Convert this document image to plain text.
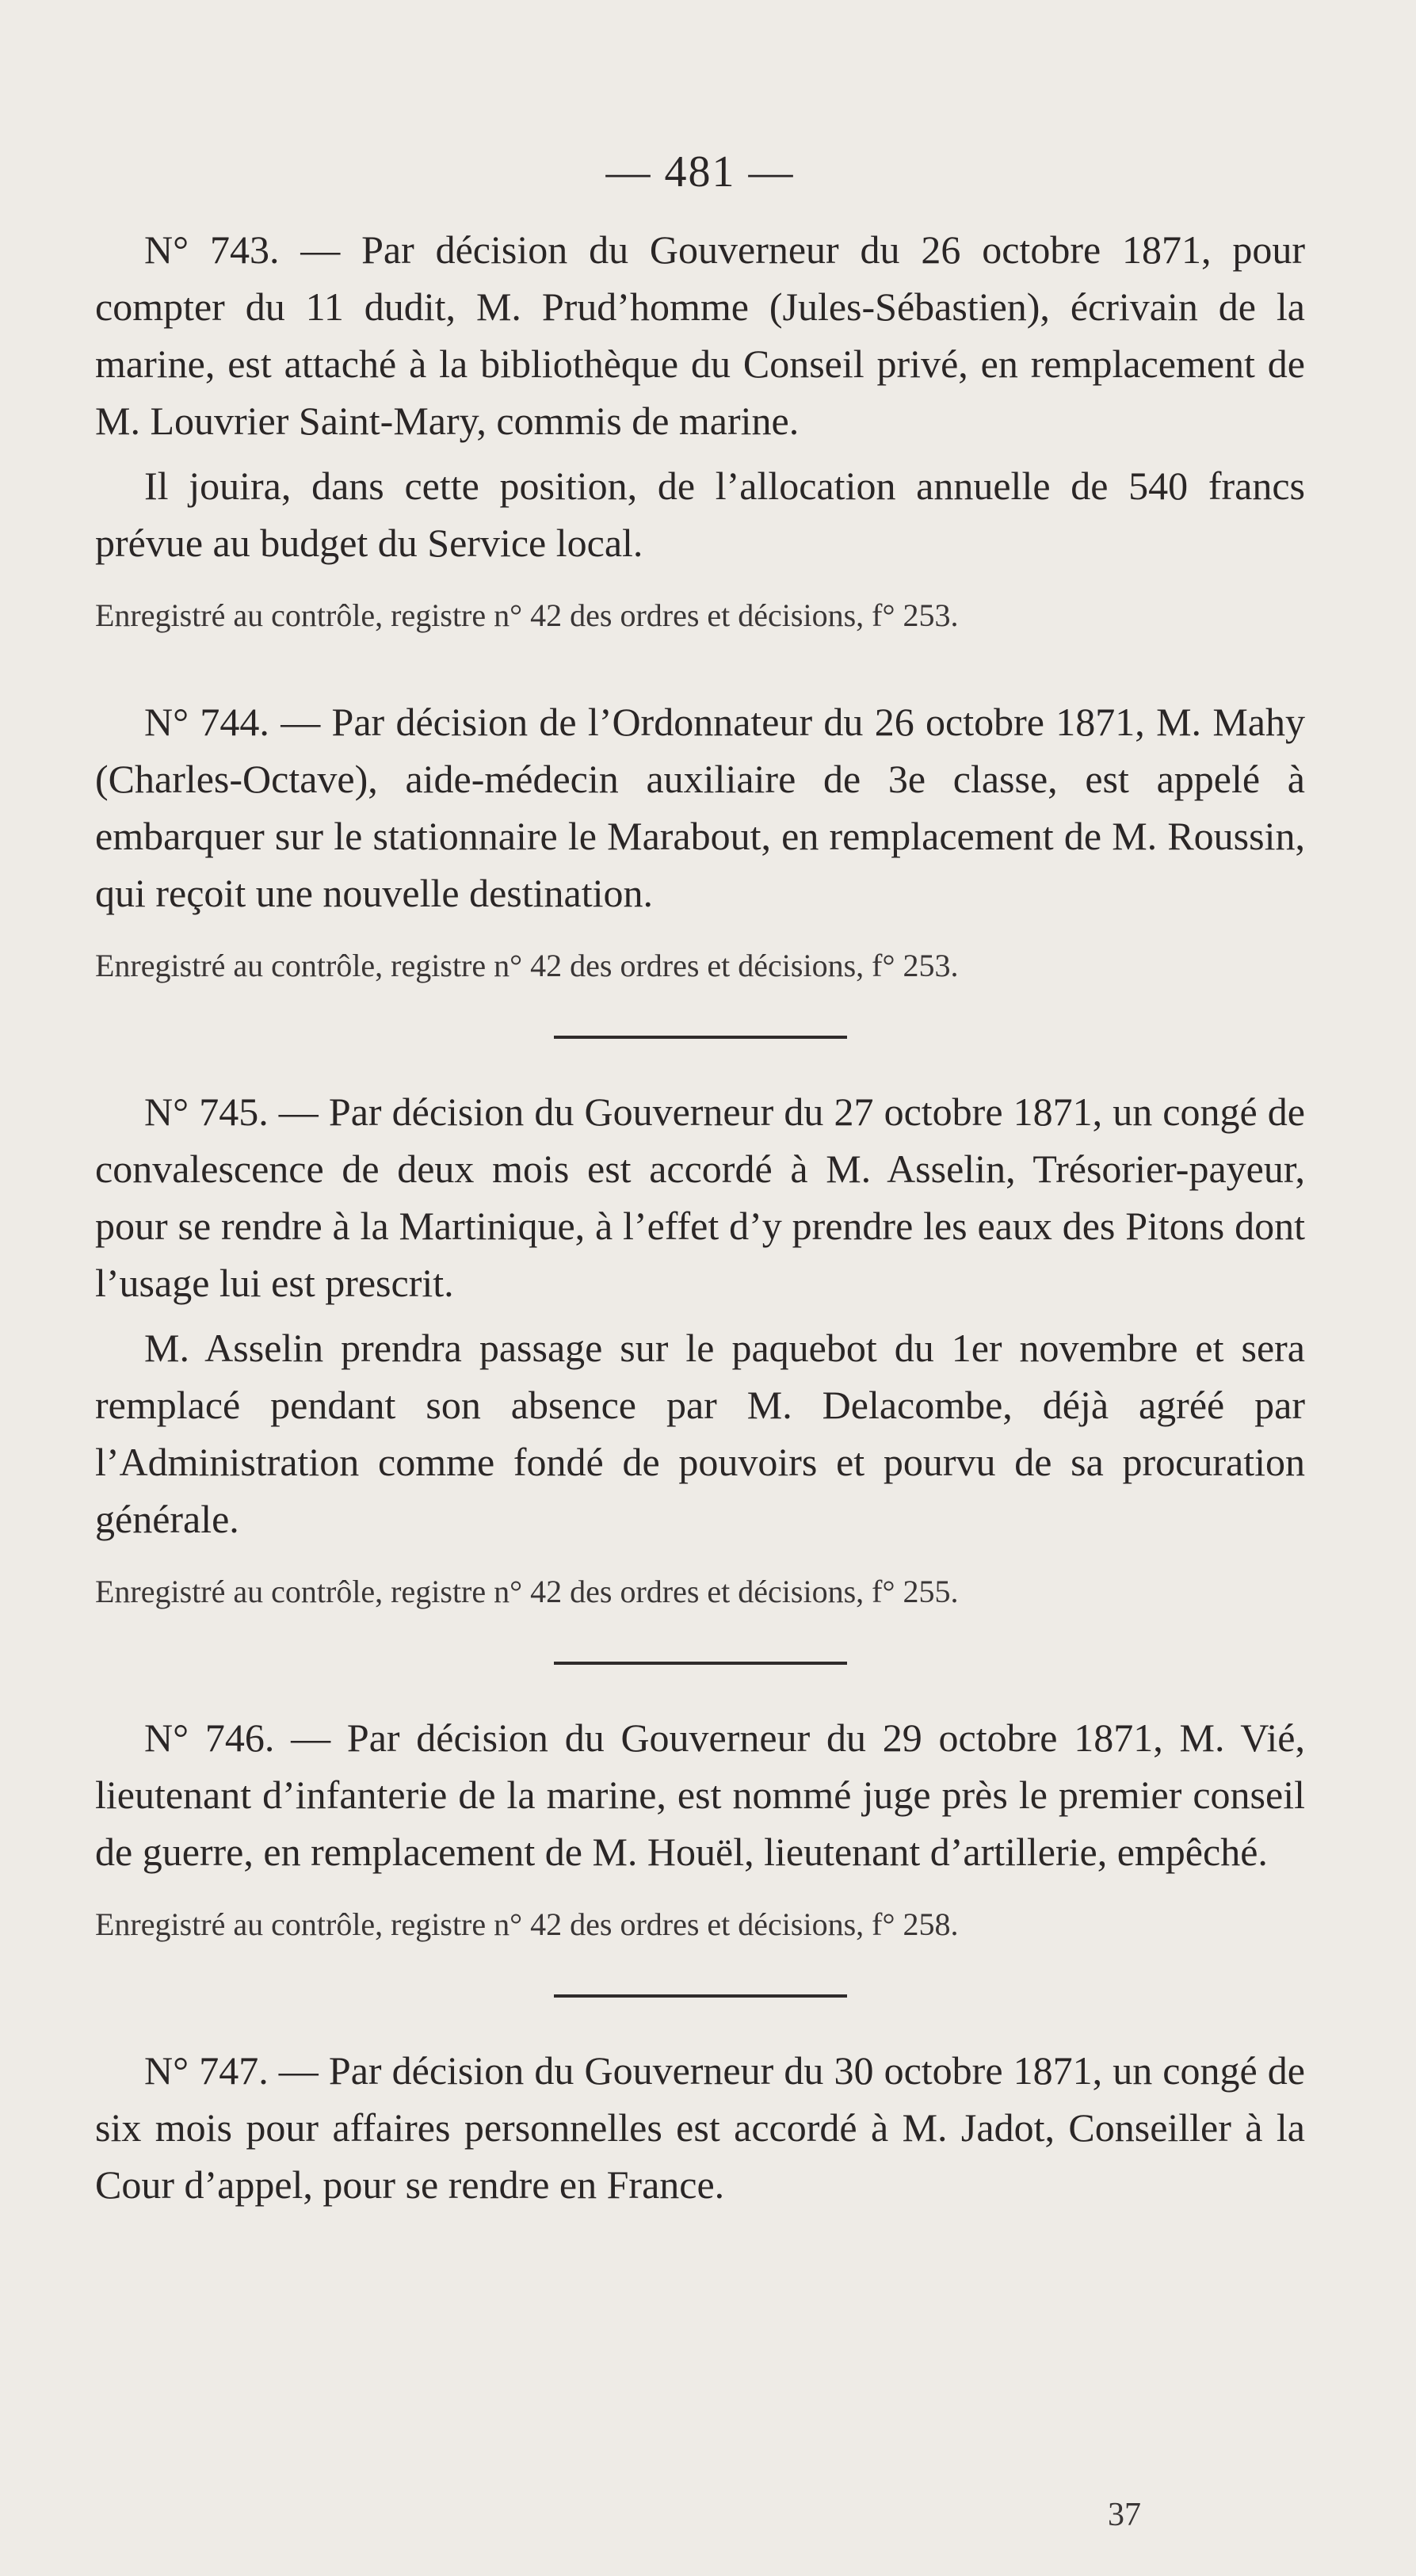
— 481 —

N° 743. — Par décision du Gouverneur du 26 octobre 1871, pour compter du 11 dudit, M. Prud’homme (Jules-Sébastien), écrivain de la marine, est attaché à la bibliothèque du Conseil privé, en remplacement de M. Louvrier Saint-Mary, commis de marine.

Il jouira, dans cette position, de l’allocation annuelle de 540 francs prévue au budget du Service local.

Enregistré au contrôle, registre n° 42 des ordres et décisions, f° 253.

N° 744. — Par décision de l’Ordonnateur du 26 octobre 1871, M. Mahy (Charles-Octave), aide-médecin auxiliaire de 3e classe, est appelé à embarquer sur le stationnaire le Marabout, en remplacement de M. Roussin, qui reçoit une nouvelle destination.

Enregistré au contrôle, registre n° 42 des ordres et décisions, f° 253.

N° 745. — Par décision du Gouverneur du 27 octobre 1871, un congé de convalescence de deux mois est accordé à M. Asselin, Trésorier-payeur, pour se rendre à la Martinique, à l’effet d’y prendre les eaux des Pitons dont l’usage lui est prescrit.

M. Asselin prendra passage sur le paquebot du 1er novembre et sera remplacé pendant son absence par M. Delacombe, déjà agréé par l’Administration comme fondé de pouvoirs et pourvu de sa procuration générale.

Enregistré au contrôle, registre n° 42 des ordres et décisions, f° 255.

N° 746. — Par décision du Gouverneur du 29 octobre 1871, M. Vié, lieutenant d’infanterie de la marine, est nommé juge près le premier conseil de guerre, en remplacement de M. Houël, lieutenant d’artillerie, empêché.

Enregistré au contrôle, registre n° 42 des ordres et décisions, f° 258.

N° 747. — Par décision du Gouverneur du 30 octobre 1871, un congé de six mois pour affaires personnelles est accordé à M. Jadot, Conseiller à la Cour d’appel, pour se rendre en France.

37
